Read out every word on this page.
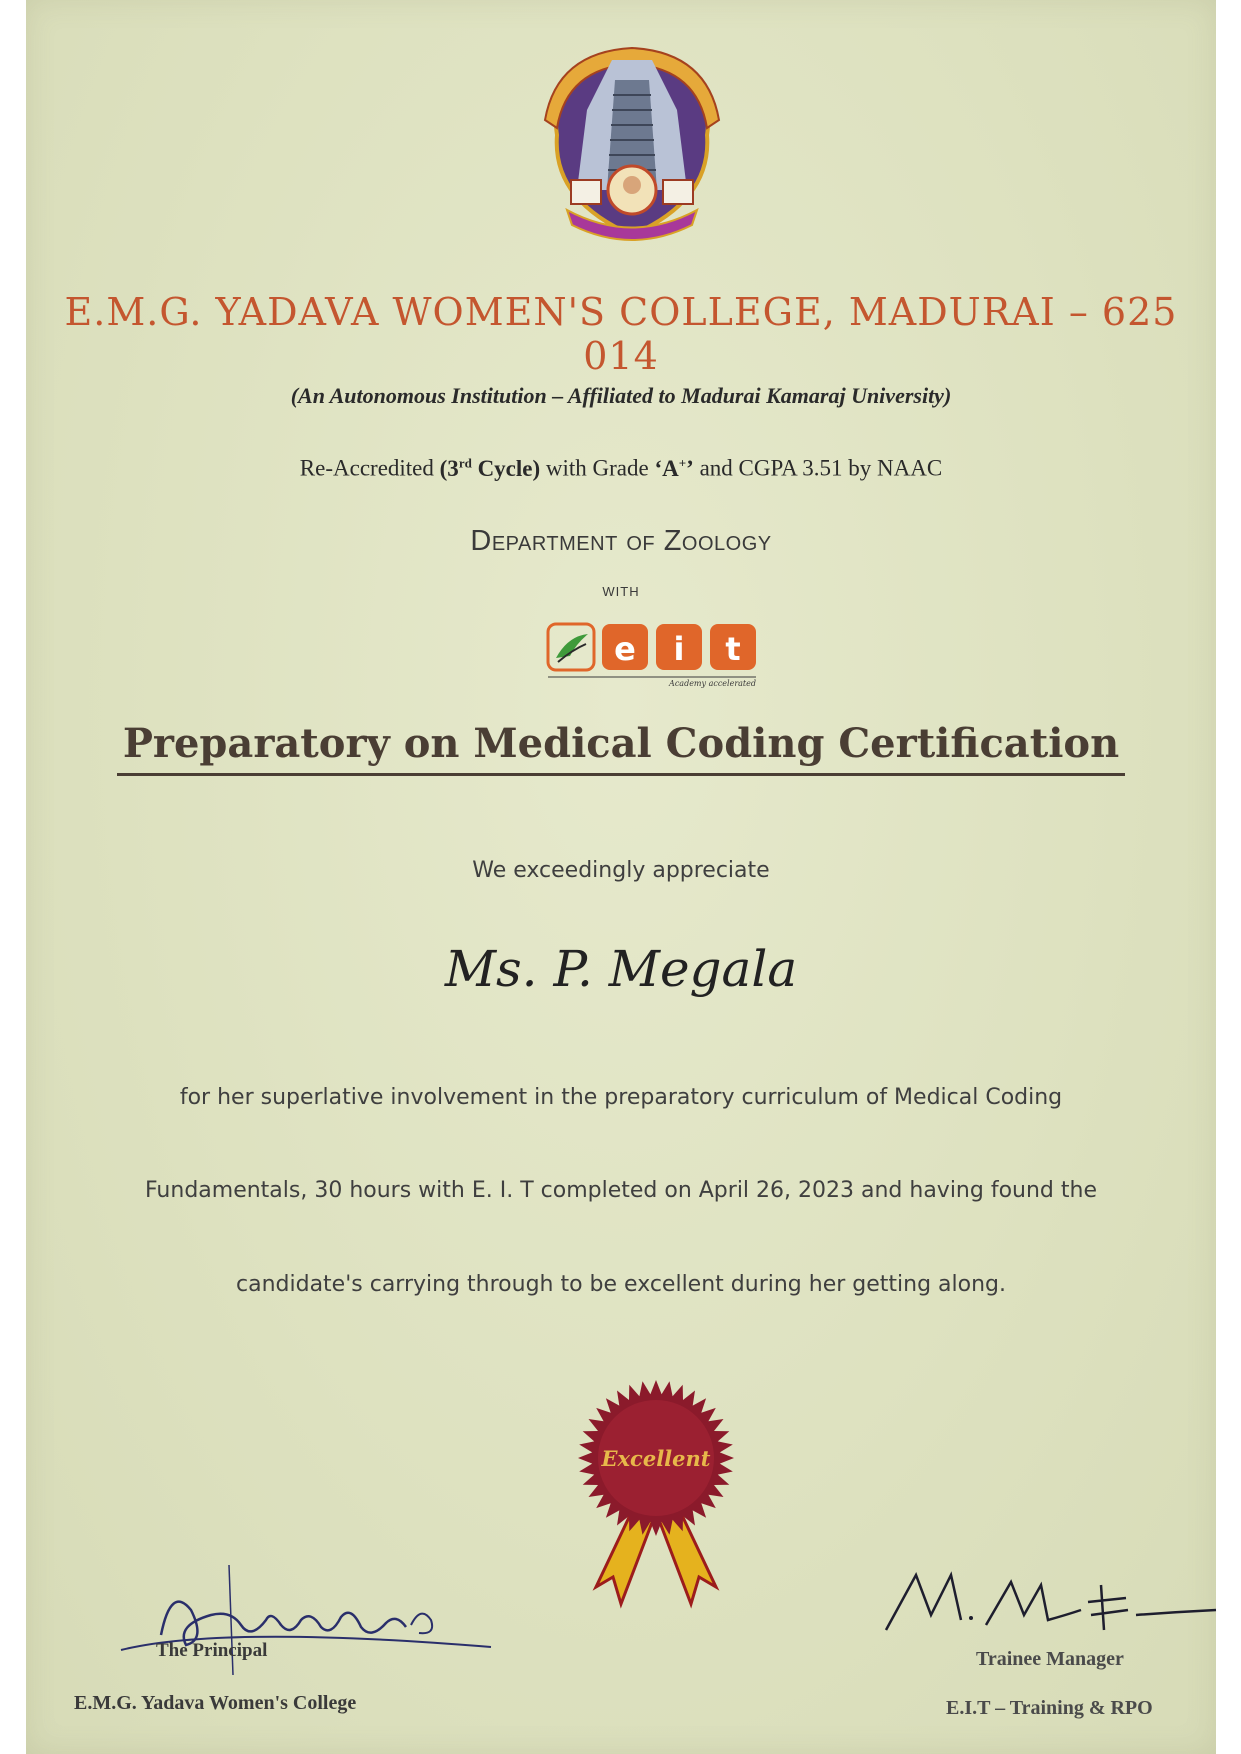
E.M.G. YADAVA WOMEN'S COLLEGE, MADURAI – 625 014
(An Autonomous Institution – Affiliated to Madurai Kamaraj University)
Re-Accredited (3rd Cycle) with Grade ‘A+’ and CGPA 3.51 by NAAC
Department of Zoology
with
e i t
Academy accelerated
Preparatory on Medical Coding Certification
We exceedingly appreciate
Ms. P. Megala
for her superlative involvement in the preparatory curriculum of Medical Coding
Fundamentals, 30 hours with E. I. T completed on April 26, 2023 and having found the
candidate's carrying through to be excellent during her getting along.
Excellent
The Principal
E.M.G. Yadava Women's College
Trainee Manager
E.I.T – Training & RPO
